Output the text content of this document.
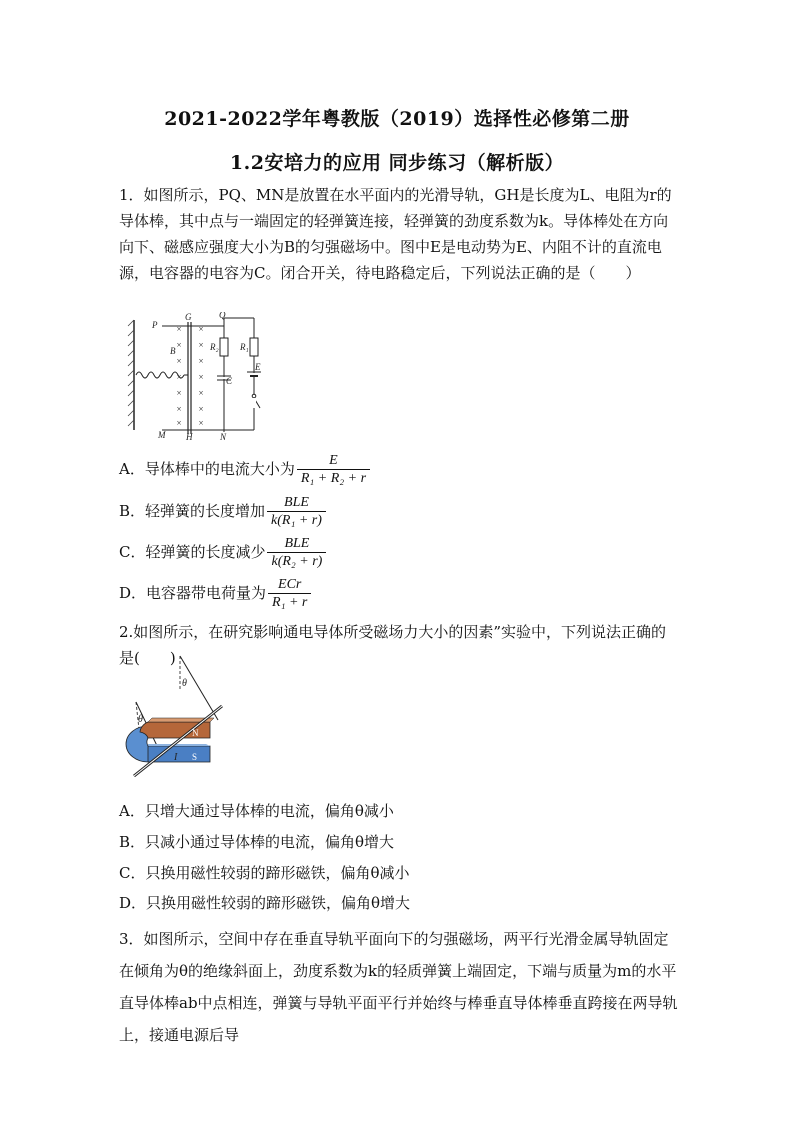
2021-2022学年粤教版（2019）选择性必修第二册
1.2安培力的应用 同步练习（解析版）
1．如图所示，PQ、MN是放置在水平面内的光滑导轨，GH是长度为L、电阻为r的导体棒，其中点与一端固定的轻弹簧连接，轻弹簧的劲度系数为k。导体棒处在方向向下、磁感应强度大小为B的匀强磁场中。图中E是电动势为E、内阻不计的直流电源，电容器的电容为C。闭合开关，待电路稳定后，下列说法正确的是（　　）
×
×
×
×
×
×
×
×
×
×
×
×
×
×
P
G	Q
B	R₂ R₁
C
E
M H	N
A．导体棒中的电流大小为 $\frac{E}{\text{R₁ + R₂ + r}}$
B．轻弹簧的长度增加 $\frac{\text{BLE}}{\text{k(R₁ + r)}}$
C．轻弹簧的长度减少 $\frac{\text{BLE}}{\text{k(R₂ + r)}}$
D．电容器带电荷量为 $\frac{\text{ECr}}{\text{R₁ + r}}$
2.如图所示，在研究影响通电导体所受磁场力大小的因素”实验中，下列说法正确的是(　　)
θ
θ
I
N
S
A．只增大通过导体棒的电流，偏角θ减小
B．只减小通过导体棒的电流，偏角θ增大
C．只换用磁性较弱的蹄形磁铁，偏角θ减小
D．只换用磁性较弱的蹄形磁铁，偏角θ增大
3．如图所示，空间中存在垂直导轨平面向下的匀强磁场，两平行光滑金属导轨固定在倾角为θ的绝缘斜面上，劲度系数为k的轻质弹簧上端固定，下端与质量为m的水平直导体棒ab中点相连，弹簧与导轨平面平行并始终与棒垂直导体棒垂直跨接在两导轨上，接通电源后导
